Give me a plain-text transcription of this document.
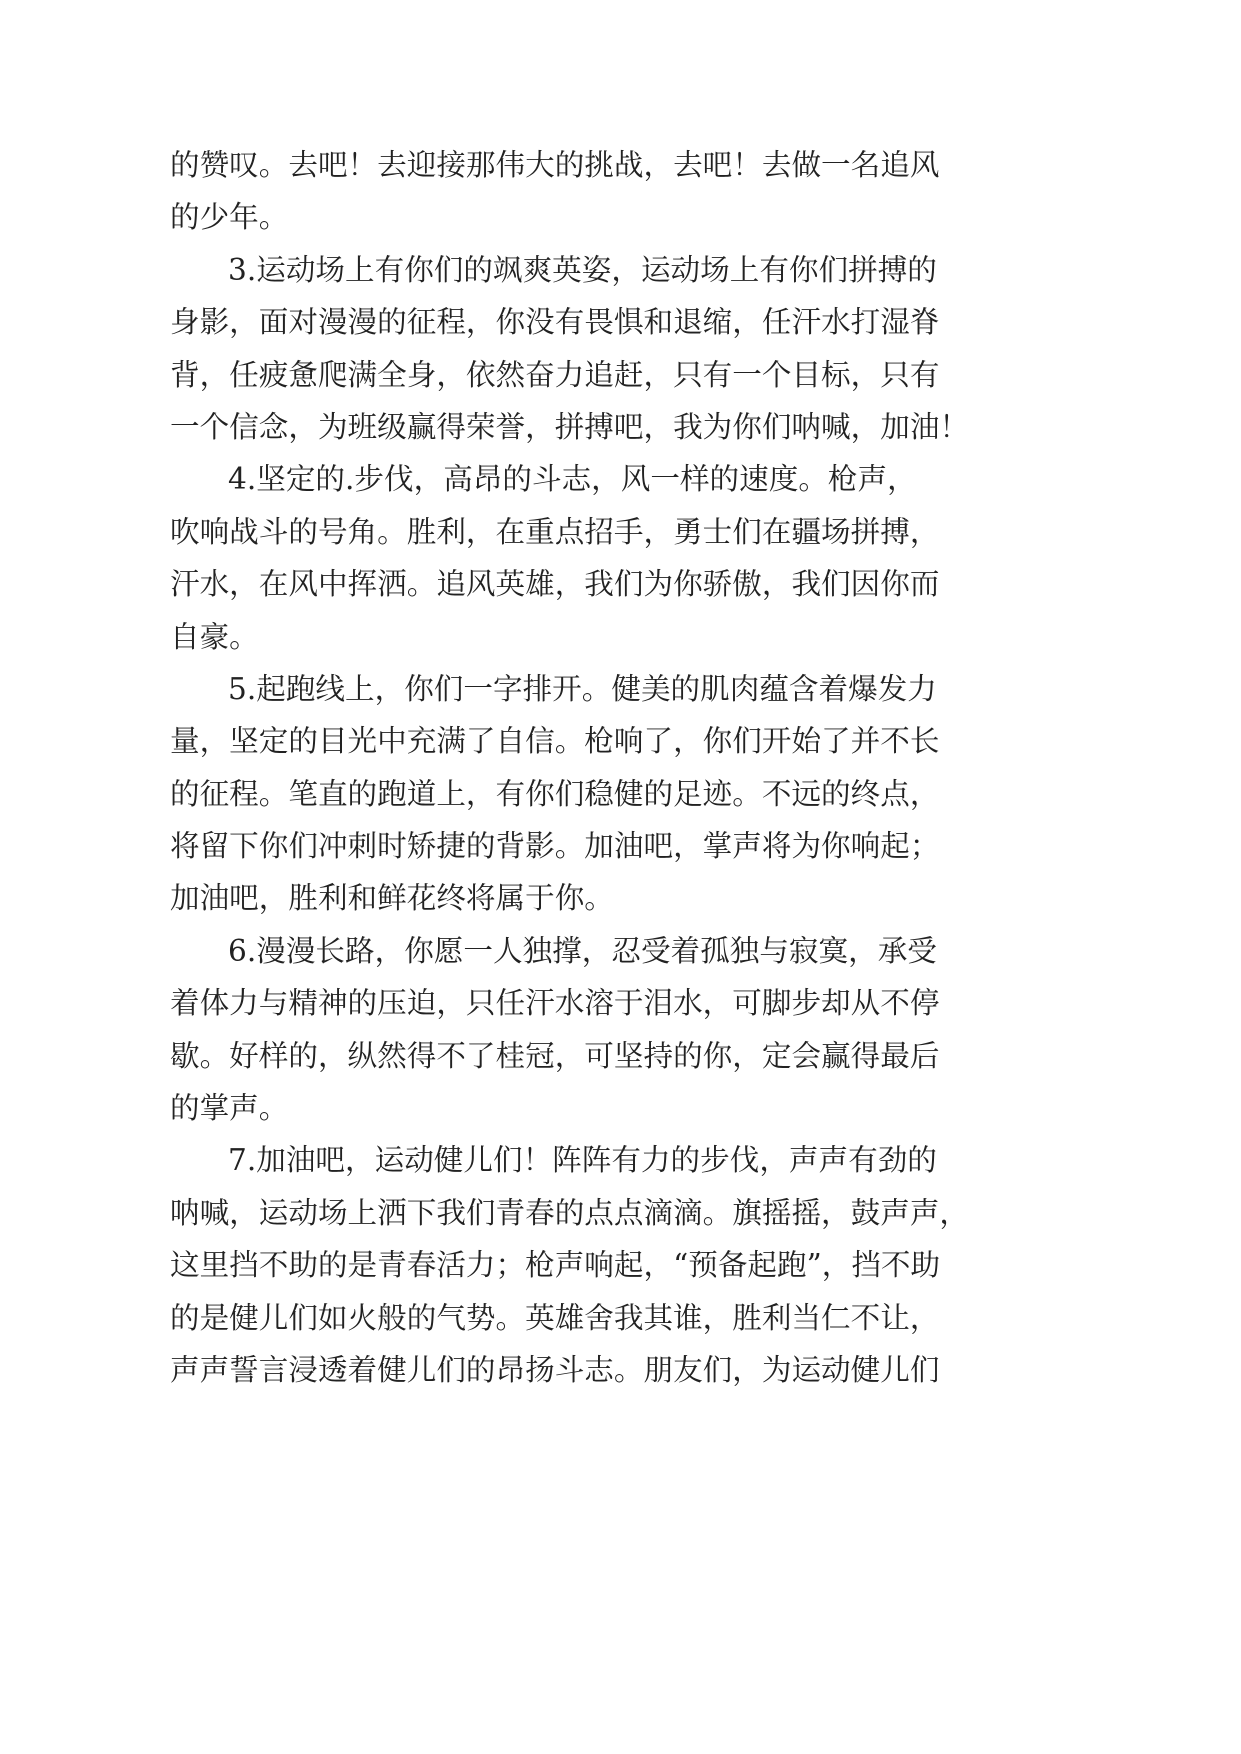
的赞叹。去吧！去迎接那伟大的挑战，去吧！去做一名追风
的少年。
3.运动场上有你们的飒爽英姿，运动场上有你们拼搏的
身影，面对漫漫的征程，你没有畏惧和退缩，任汗水打湿脊
背，任疲惫爬满全身，依然奋力追赶，只有一个目标，只有
一个信念，为班级赢得荣誉，拼搏吧，我为你们呐喊，加油！
4.坚定的.步伐，高昂的斗志，风一样的速度。枪声，
吹响战斗的号角。胜利，在重点招手，勇士们在疆场拼搏，
汗水，在风中挥洒。追风英雄，我们为你骄傲，我们因你而
自豪。
5.起跑线上，你们一字排开。健美的肌肉蕴含着爆发力
量，坚定的目光中充满了自信。枪响了，你们开始了并不长
的征程。笔直的跑道上，有你们稳健的足迹。不远的终点，
将留下你们冲刺时矫捷的背影。加油吧，掌声将为你响起；
加油吧，胜利和鲜花终将属于你。
6.漫漫长路，你愿一人独撑，忍受着孤独与寂寞，承受
着体力与精神的压迫，只任汗水溶于泪水，可脚步却从不停
歇。好样的，纵然得不了桂冠，可坚持的你，定会赢得最后
的掌声。
7.加油吧，运动健儿们！阵阵有力的步伐，声声有劲的
呐喊，运动场上洒下我们青春的点点滴滴。旗摇摇，鼓声声，
这里挡不助的是青春活力；枪声响起，“预备起跑”，挡不助
的是健儿们如火般的气势。英雄舍我其谁，胜利当仁不让，
声声誓言浸透着健儿们的昂扬斗志。朋友们，为运动健儿们
